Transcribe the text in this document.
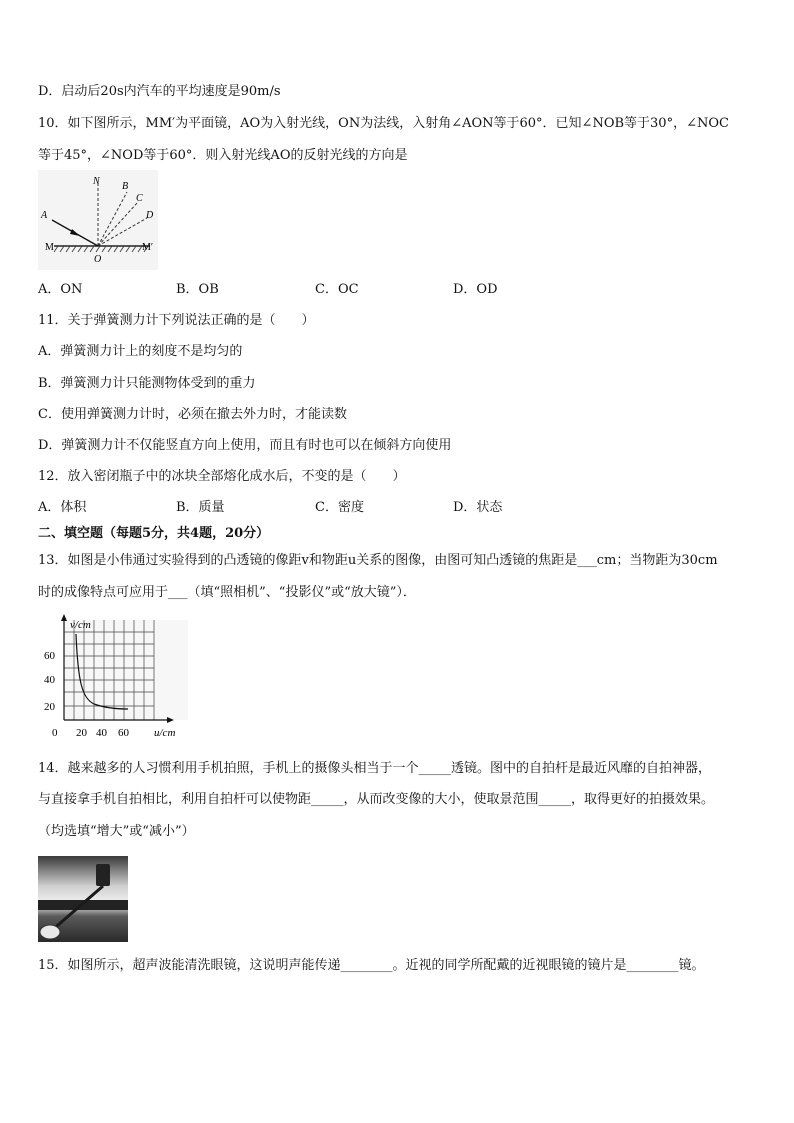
D．启动后20s内汽车的平均速度是90m/s
10．如下图所示，MM′为平面镜，AO为入射光线，ON为法线，入射角∠AON等于60°．已知∠NOB等于30°，∠NOC
等于45°，∠NOD等于60°．则入射光线AO的反射光线的方向是
N B
C
D
A
M	M′
O
A．ON	B．OB	C．OC	D．OD
11．关于弹簧测力计下列说法正确的是（　　）
A．弹簧测力计上的刻度不是均匀的
B．弹簧测力计只能测物体受到的重力
C．使用弹簧测力计时，必须在撤去外力时，才能读数
D．弹簧测力计不仅能竖直方向上使用，而且有时也可以在倾斜方向使用
12．放入密闭瓶子中的冰块全部熔化成水后，不变的是（　　）
A．体积	B．质量	C．密度	D．状态
二、填空题（每题5分，共4题，20分）
13．如图是小伟通过实验得到的凸透镜的像距v和物距u关系的图像，由图可知凸透镜的焦距是___cm；当物距为30cm
时的成像特点可应用于___（填“照相机”、“投影仪”或“放大镜”）．
v/cm
u/cm
60
40
20
0 20 40 60
14．越来越多的人习惯利用手机拍照，手机上的摄像头相当于一个_____透镜。图中的自拍杆是最近风靡的自拍神器，
与直接拿手机自拍相比，利用自拍杆可以使物距_____，从而改变像的大小，使取景范围_____，取得更好的拍摄效果。
（均选填“增大”或“减小”）
15．如图所示，超声波能清洗眼镜，这说明声能传递________。近视的同学所配戴的近视眼镜的镜片是________镜。
